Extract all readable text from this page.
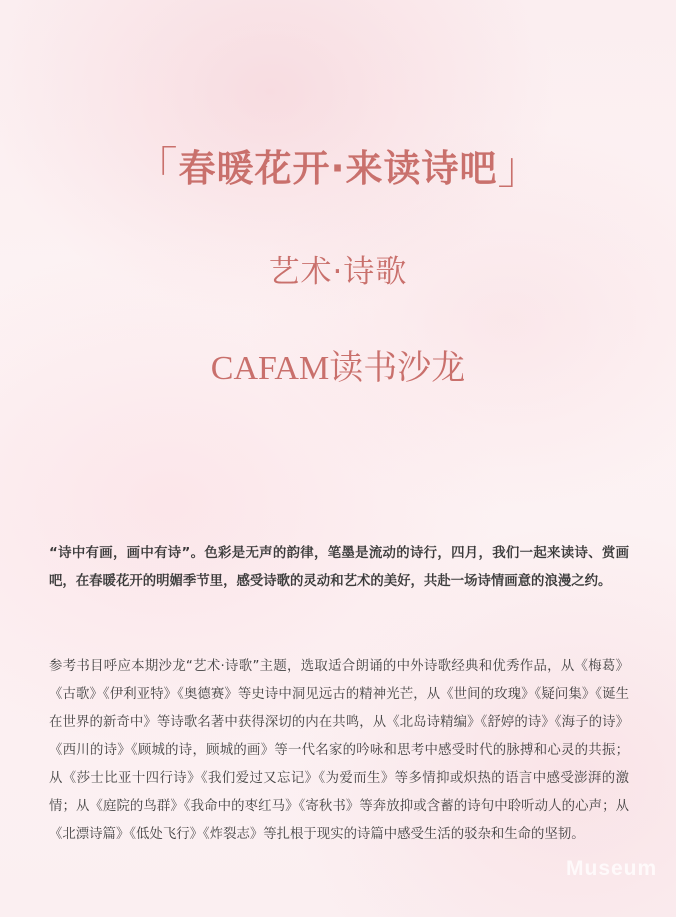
「春暖花开·来读诗吧」
艺术·诗歌
CAFAM读书沙龙

“诗中有画，画中有诗”。色彩是无声的韵律，笔墨是流动的诗行，四月，我们一起来读诗、赏画吧，在春暖花开的明媚季节里，感受诗歌的灵动和艺术的美好，共赴一场诗情画意的浪漫之约。

参考书目呼应本期沙龙“艺术·诗歌”主题，选取适合朗诵的中外诗歌经典和优秀作品，从《梅葛》《古歌》《伊利亚特》《奥德赛》等史诗中洞见远古的精神光芒，从《世间的玫瑰》《疑问集》《诞生在世界的新奇中》等诗歌名著中获得深切的内在共鸣，从《北岛诗精编》《舒婷的诗》《海子的诗》《西川的诗》《顾城的诗，顾城的画》等一代名家的吟咏和思考中感受时代的脉搏和心灵的共振；从《莎士比亚十四行诗》《我们爱过又忘记》《为爱而生》等多情抑或炽热的语言中感受澎湃的激情；从《庭院的鸟群》《我命中的枣红马》《寄秋书》等奔放抑或含蓄的诗句中聆听动人的心声；从《北漂诗篇》《低处飞行》《炸裂志》等扎根于现实的诗篇中感受生活的驳杂和生命的坚韧。

Museum
